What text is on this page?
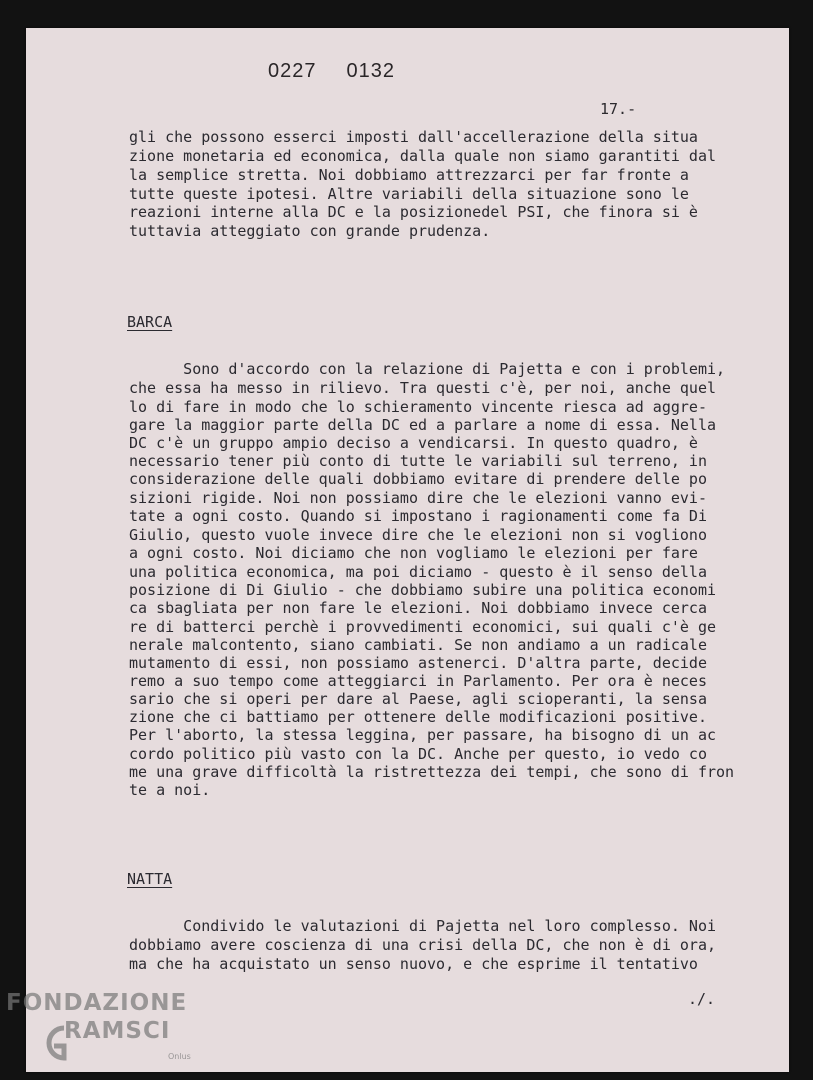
0227 0132
17.-
gli che possono esserci imposti dall'accellerazione della situa
zione monetaria ed economica, dalla quale non siamo garantiti dal
la semplice stretta. Noi dobbiamo attrezzarci per far fronte a
tutte queste ipotesi. Altre variabili della situazione sono le
reazioni interne alla DC e la posizionedel PSI, che finora si è
tuttavia atteggiato con grande prudenza.
BARCA
Sono d'accordo con la relazione di Pajetta e con i problemi,
che essa ha messo in rilievo. Tra questi c'è, per noi, anche quel
lo di fare in modo che lo schieramento vincente riesca ad aggre-
gare la maggior parte della DC ed a parlare a nome di essa. Nella
DC c'è un gruppo ampio deciso a vendicarsi. In questo quadro, è
necessario tener più conto di tutte le variabili sul terreno, in
considerazione delle quali dobbiamo evitare di prendere delle po
sizioni rigide. Noi non possiamo dire che le elezioni vanno evi-
tate a ogni costo. Quando si impostano i ragionamenti come fa Di
Giulio, questo vuole invece dire che le elezioni non si vogliono
a ogni costo. Noi diciamo che non vogliamo le elezioni per fare
una politica economica, ma poi diciamo - questo è il senso della
posizione di Di Giulio - che dobbiamo subire una politica economi
ca sbagliata per non fare le elezioni. Noi dobbiamo invece cerca
re di batterci perchè i provvedimenti economici, sui quali c'è ge
nerale malcontento, siano cambiati. Se non andiamo a un radicale
mutamento di essi, non possiamo astenerci. D'altra parte, decide
remo a suo tempo come atteggiarci in Parlamento. Per ora è neces
sario che si operi per dare al Paese, agli scioperanti, la sensa
zione che ci battiamo per ottenere delle modificazioni positive.
Per l'aborto, la stessa leggina, per passare, ha bisogno di un ac
cordo politico più vasto con la DC. Anche per questo, io vedo co
me una grave difficoltà la ristrettezza dei tempi, che sono di fron
te a noi.
NATTA
Condivido le valutazioni di Pajetta nel loro complesso. Noi
dobbiamo avere coscienza di una crisi della DC, che non è di ora,
ma che ha acquistato un senso nuovo, e che esprime il tentativo
./.
FONDAZIONE
RAMSCI
Onlus
